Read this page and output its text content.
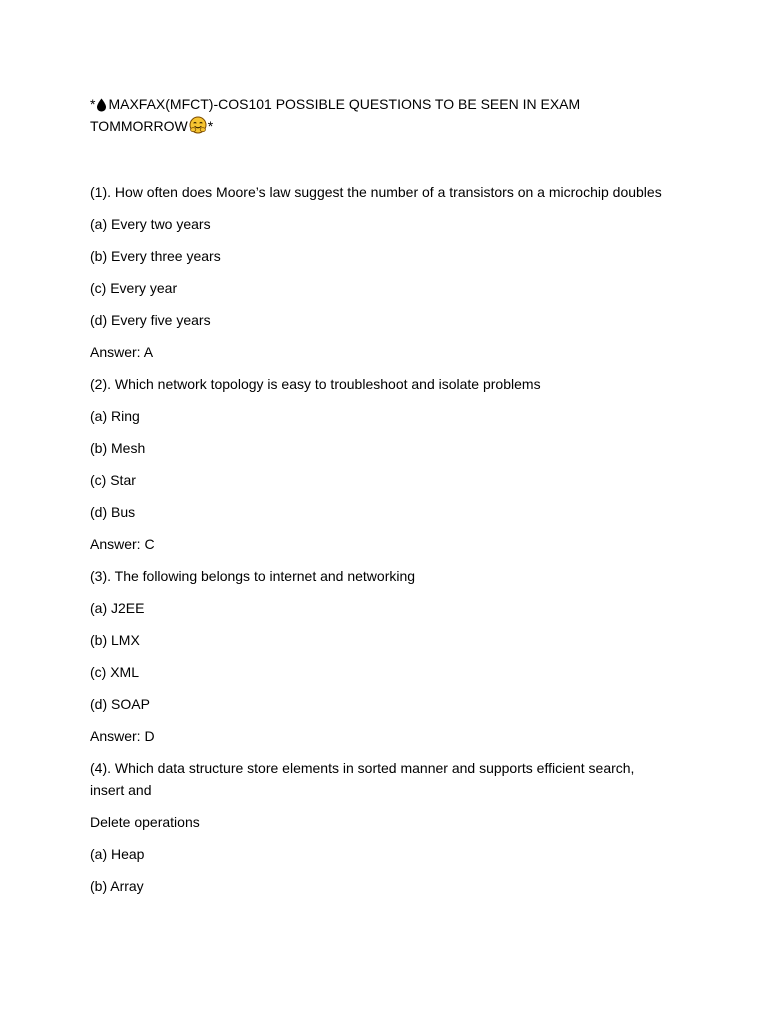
* MAXFAX(MFCT)-COS101 POSSIBLE QUESTIONS TO BE SEEN IN EXAM TOMMORROW *

(1). How often does Moore’s law suggest the number of a transistors on a microchip doubles

(a) Every two years

(b) Every three years

(c) Every year

(d) Every five years

Answer: A

(2). Which network topology is easy to troubleshoot and isolate problems

(a) Ring

(b) Mesh

(c) Star

(d) Bus

Answer: C

(3). The following belongs to internet and networking

(a) J2EE

(b) LMX

(c) XML

(d) SOAP

Answer: D

(4). Which data structure store elements in sorted manner and supports efficient search, insert and

Delete operations

(a) Heap

(b) Array
